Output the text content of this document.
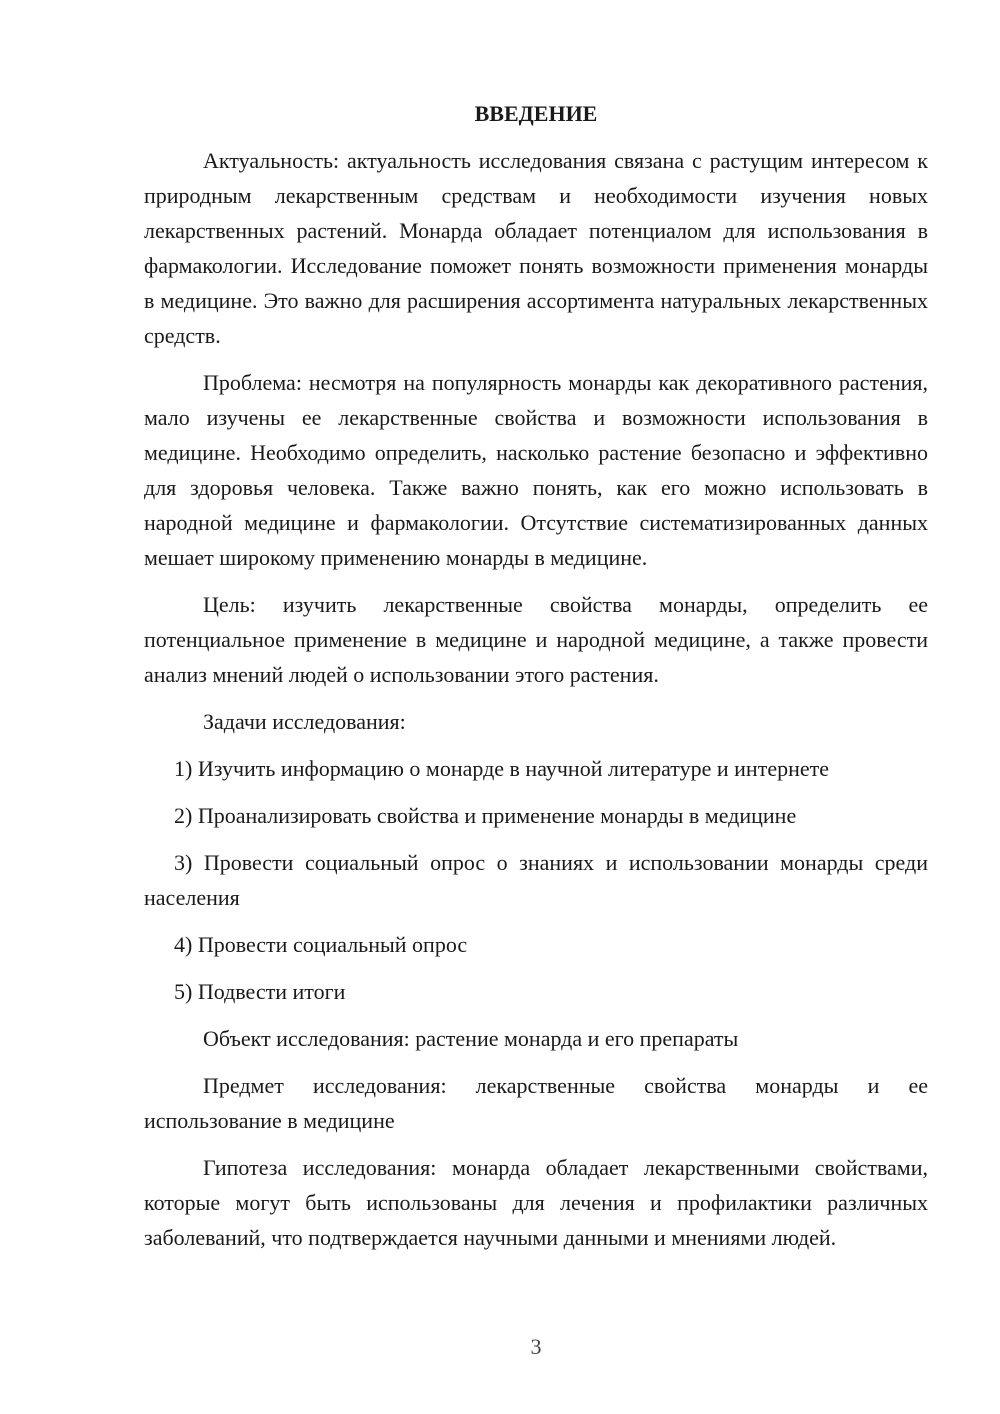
ВВЕДЕНИЕ

Актуальность: актуальность исследования связана с растущим интересом к природным лекарственным средствам и необходимости изучения новых лекарственных растений. Монарда обладает потенциалом для использования в фармакологии. Исследование поможет понять возможности применения монарды в медицине. Это важно для расширения ассортимента натуральных лекарственных средств.

Проблема: несмотря на популярность монарды как декоративного растения, мало изучены ее лекарственные свойства и возможности использования в медицине. Необходимо определить, насколько растение безопасно и эффективно для здоровья человека. Также важно понять, как его можно использовать в народной медицине и фармакологии. Отсутствие систематизированных данных мешает широкому применению монарды в медицине.

Цель: изучить лекарственные свойства монарды, определить ее потенциальное применение в медицине и народной медицине, а также провести анализ мнений людей о использовании этого растения.

Задачи исследования:

1) Изучить информацию о монарде в научной литературе и интернете

2) Проанализировать свойства и применение монарды в медицине

3) Провести социальный опрос о знаниях и использовании монарды среди населения

4) Провести социальный опрос

5) Подвести итоги

Объект исследования: растение монарда и его препараты

Предмет исследования: лекарственные свойства монарды и ее использование в медицине

Гипотеза исследования: монарда обладает лекарственными свойствами, которые могут быть использованы для лечения и профилактики различных заболеваний, что подтверждается научными данными и мнениями людей.

3
